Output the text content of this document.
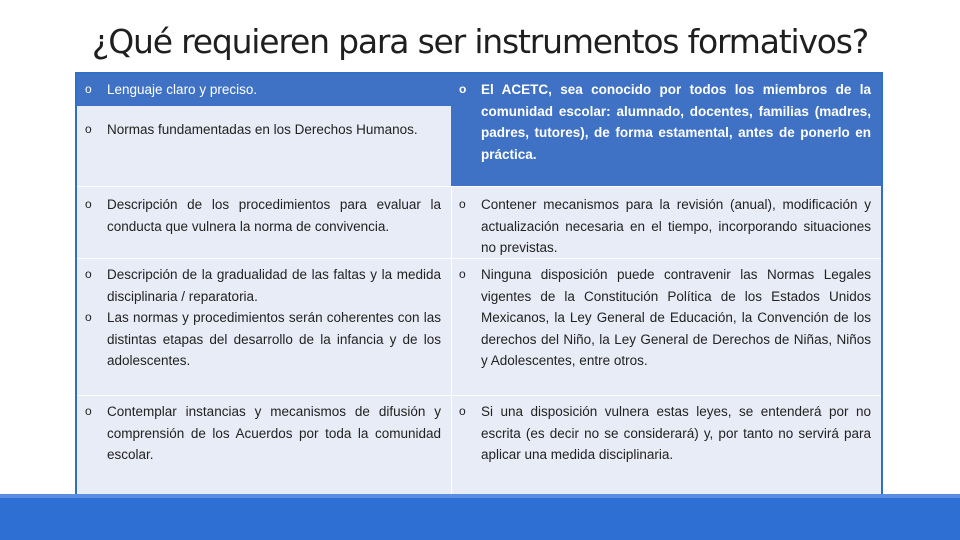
¿Qué requieren para ser instrumentos formativos?
o Lenguaje claro y preciso.
o Normas fundamentadas en los Derechos Humanos.
o El ACETC, sea conocido por todos los miembros de la comunidad escolar: alumnado, docentes, familias (madres, padres, tutores), de forma estamental, antes de ponerlo en práctica.
o Descripción de los procedimientos para evaluar la conducta que vulnera la norma de convivencia.
o Contener mecanismos para la revisión (anual), modificación y actualización necesaria en el tiempo, incorporando situaciones no previstas.
o Descripción de la gradualidad de las faltas y la medida disciplinaria / reparatoria.
o Las normas y procedimientos serán coherentes con las distintas etapas del desarrollo de la infancia y de los adolescentes.
o Ninguna disposición puede contravenir las Normas Legales vigentes de la Constitución Política de los Estados Unidos Mexicanos, la Ley General de Educación, la Convención de los derechos del Niño, la Ley General de Derechos de Niñas, Niños y Adolescentes, entre otros.
o Contemplar instancias y mecanismos de difusión y comprensión de los Acuerdos por toda la comunidad escolar.
o Si una disposición vulnera estas leyes, se entenderá por no escrita (es decir no se considerará) y, por tanto no servirá para aplicar una medida disciplinaria.
